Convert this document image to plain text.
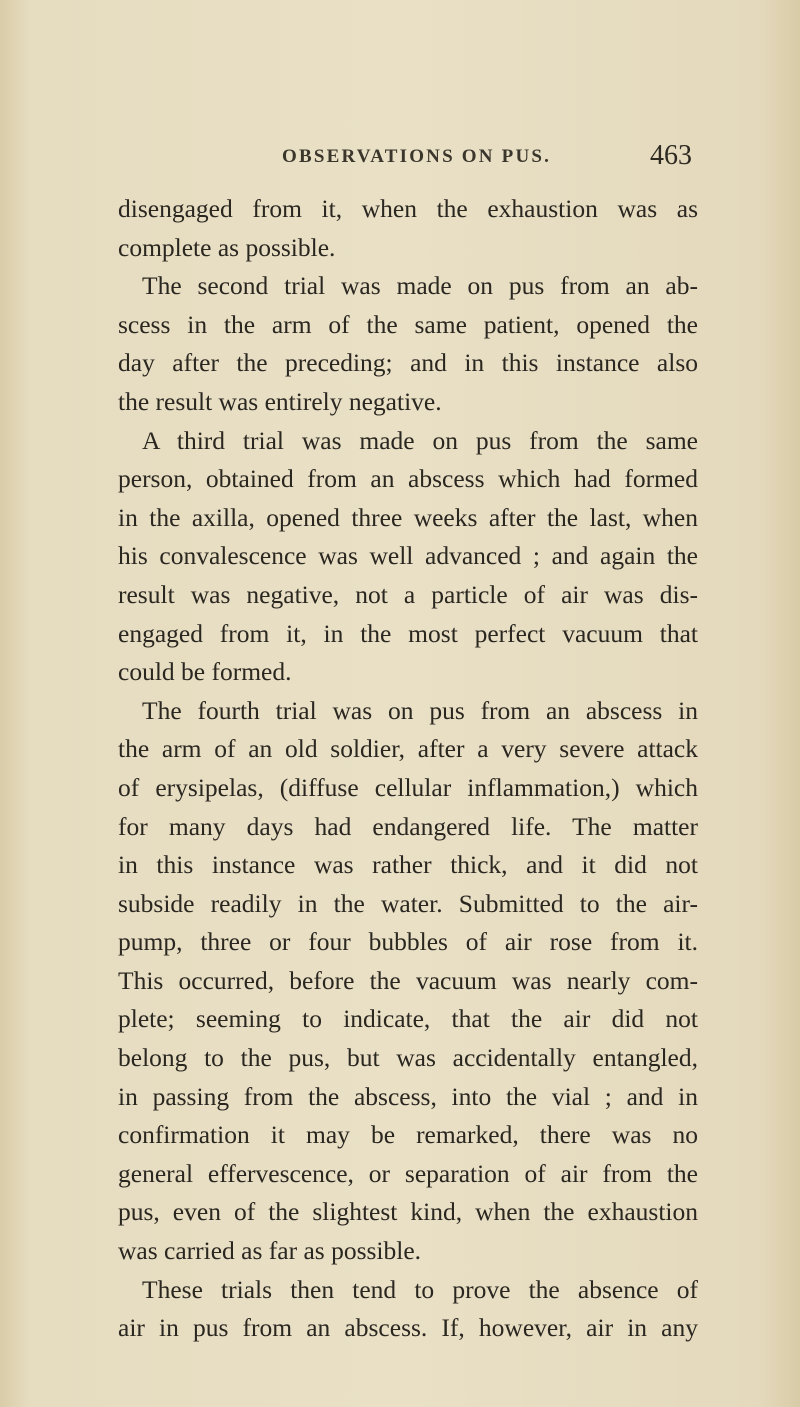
OBSERVATIONS ON PUS.	463
disengaged from it, when the exhaustion was as
complete as possible.
The second trial was made on pus from an ab-
scess in the arm of the same patient, opened the
day after the preceding; and in this instance also
the result was entirely negative.
A third trial was made on pus from the same
person, obtained from an abscess which had formed
in the axilla, opened three weeks after the last, when
his convalescence was well advanced ; and again the
result was negative, not a particle of air was dis-
engaged from it, in the most perfect vacuum that
could be formed.
The fourth trial was on pus from an abscess in
the arm of an old soldier, after a very severe attack
of erysipelas, (diffuse cellular inflammation,) which
for many days had endangered life. The matter
in this instance was rather thick, and it did not
subside readily in the water. Submitted to the air-
pump, three or four bubbles of air rose from it.
This occurred, before the vacuum was nearly com-
plete; seeming to indicate, that the air did not
belong to the pus, but was accidentally entangled,
in passing from the abscess, into the vial ; and in
confirmation it may be remarked, there was no
general effervescence, or separation of air from the
pus, even of the slightest kind, when the exhaustion
was carried as far as possible.
These trials then tend to prove the absence of
air in pus from an abscess. If, however, air in any
